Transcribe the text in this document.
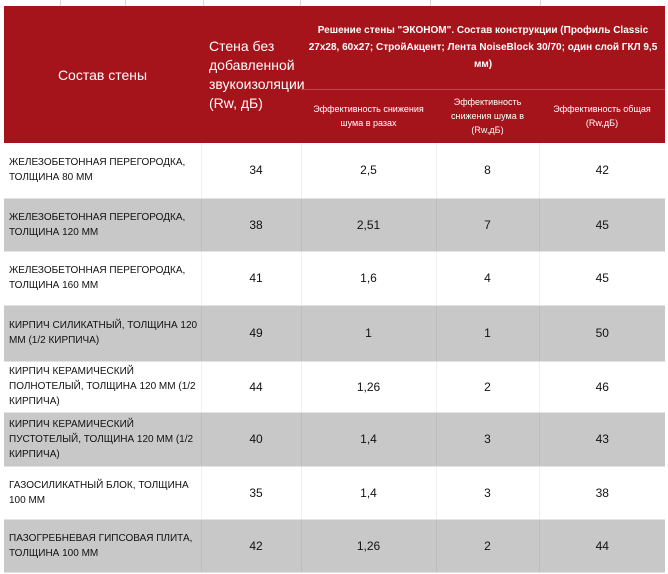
Состав стены	Стена без добавленной звукоизоляции (Rw, дБ)	Решение стены "ЭКОНОМ". Состав конструкции (Профиль Classic 27х28, 60х27; СтройАкцент; Лента NoiseBlock 30/70; один слой ГКЛ 9,5 мм)		
		Эффективность снижения шума в разах	Эффективность снижения шума в (Rw,дБ)	Эффективность общая (Rw,дБ)
ЖЕЛЕЗОБЕТОННАЯ ПЕРЕГОРОДКА, ТОЛЩИНА 80 ММ	34	2,5	8	42
ЖЕЛЕЗОБЕТОННАЯ ПЕРЕГОРОДКА, ТОЛЩИНА 120 ММ	38	2,51	7	45
ЖЕЛЕЗОБЕТОННАЯ ПЕРЕГОРОДКА, ТОЛЩИНА 160 ММ	41	1,6	4	45
КИРПИЧ СИЛИКАТНЫЙ, ТОЛЩИНА 120 ММ (1/2 КИРПИЧА)	49	1	1	50
КИРПИЧ КЕРАМИЧЕСКИЙ ПОЛНОТЕЛЫЙ, ТОЛЩИНА 120 ММ (1/2 КИРПИЧА)	44	1,26	2	46
КИРПИЧ КЕРАМИЧЕСКИЙ ПУСТОТЕЛЫЙ, ТОЛЩИНА 120 ММ (1/2 КИРПИЧА)	40	1,4	3	43
ГАЗОСИЛИКАТНЫЙ БЛОК, ТОЛЩИНА 100 ММ	35	1,4	3	38
ПАЗОГРЕБНЕВАЯ ГИПСОВАЯ ПЛИТА, ТОЛЩИНА 100 ММ	42	1,26	2	44
